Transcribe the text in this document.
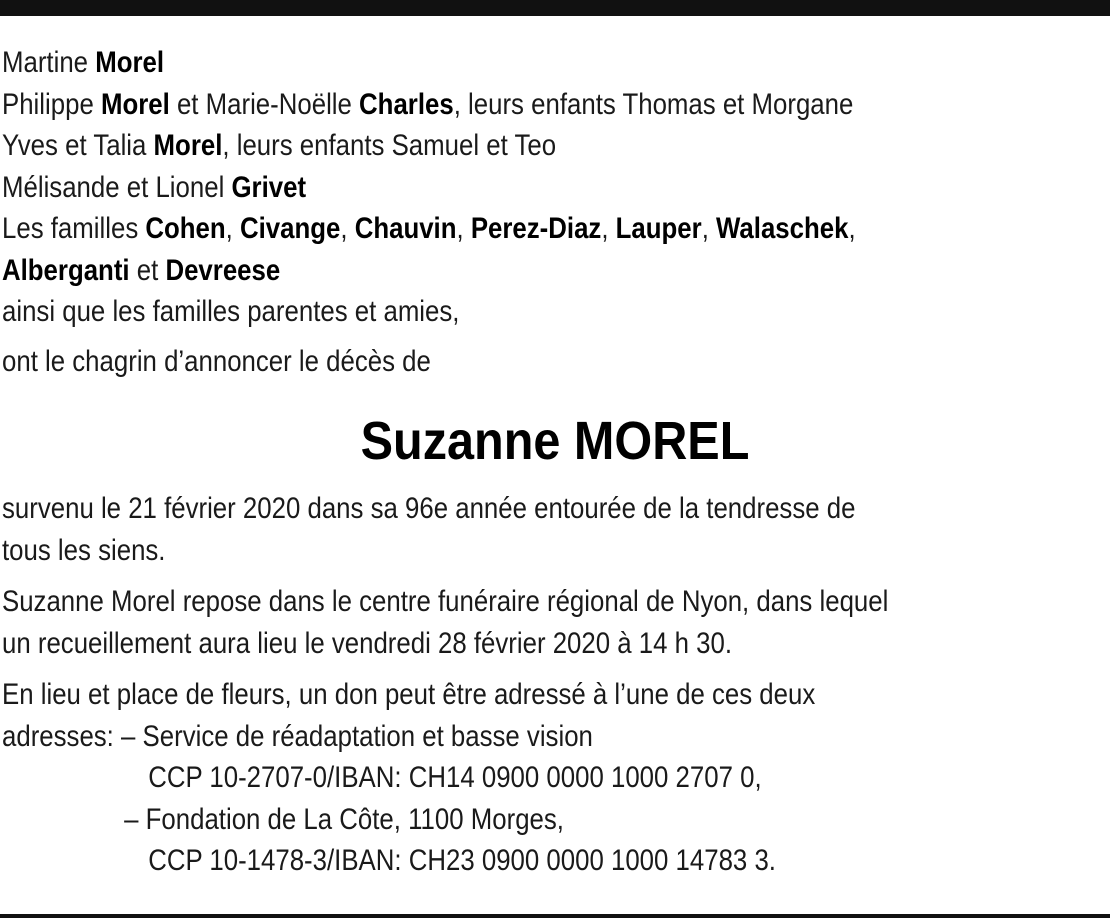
Martine Morel
Philippe Morel et Marie-Noëlle Charles, leurs enfants Thomas et Morgane
Yves et Talia Morel, leurs enfants Samuel et Teo
Mélisande et Lionel Grivet
Les familles Cohen, Civange, Chauvin, Perez-Diaz, Lauper, Walaschek,
Alberganti et Devreese
ainsi que les familles parentes et amies,
ont le chagrin d’annoncer le décès de
Suzanne MOREL
survenu le 21 février 2020 dans sa 96e année entourée de la tendresse de
tous les siens.
Suzanne Morel repose dans le centre funéraire régional de Nyon, dans lequel
un recueillement aura lieu le vendredi 28 février 2020 à 14 h 30.
En lieu et place de fleurs, un don peut être adressé à l’une de ces deux
adresses: – Service de réadaptation et basse vision
CCP 10-2707-0/IBAN: CH14 0900 0000 1000 2707 0,
– Fondation de La Côte, 1100 Morges,
CCP 10-1478-3/IBAN: CH23 0900 0000 1000 14783 3.
